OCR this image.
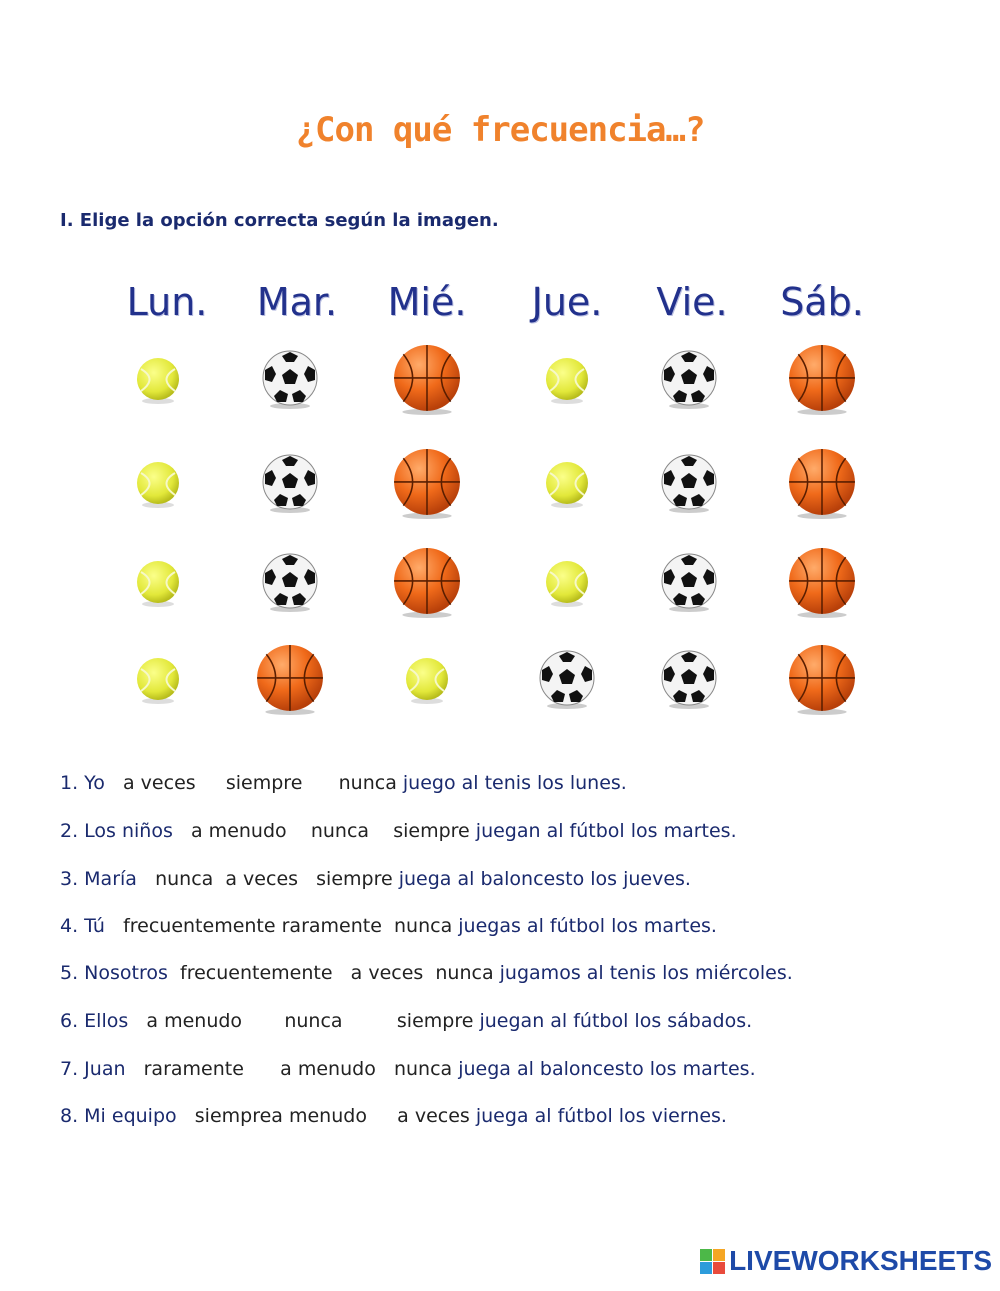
¿Con qué frecuencia…?
I. Elige la opción correcta según la imagen.
Lun.	Mar.	Mié.	Jue.	Vie.	Sáb.
1. Yo a veces siempre nunca juego al tenis los lunes.
2. Los niños a menudo nunca siempre juegan al fútbol los martes.
3. María nunca a veces siempre juega al baloncesto los jueves.
4. Tú frecuentemente raramente nunca juegas al fútbol los martes.
5. Nosotros frecuentemente a veces nunca jugamos al tenis los miércoles.
6. Ellos a menudo nunca	siempre juegan al fútbol los sábados.
7. Juan raramente a menudo nunca juega al baloncesto los martes.
8. Mi equipo siemprea menudo a veces juega al fútbol los viernes.
LIVEWORKSHEETS
